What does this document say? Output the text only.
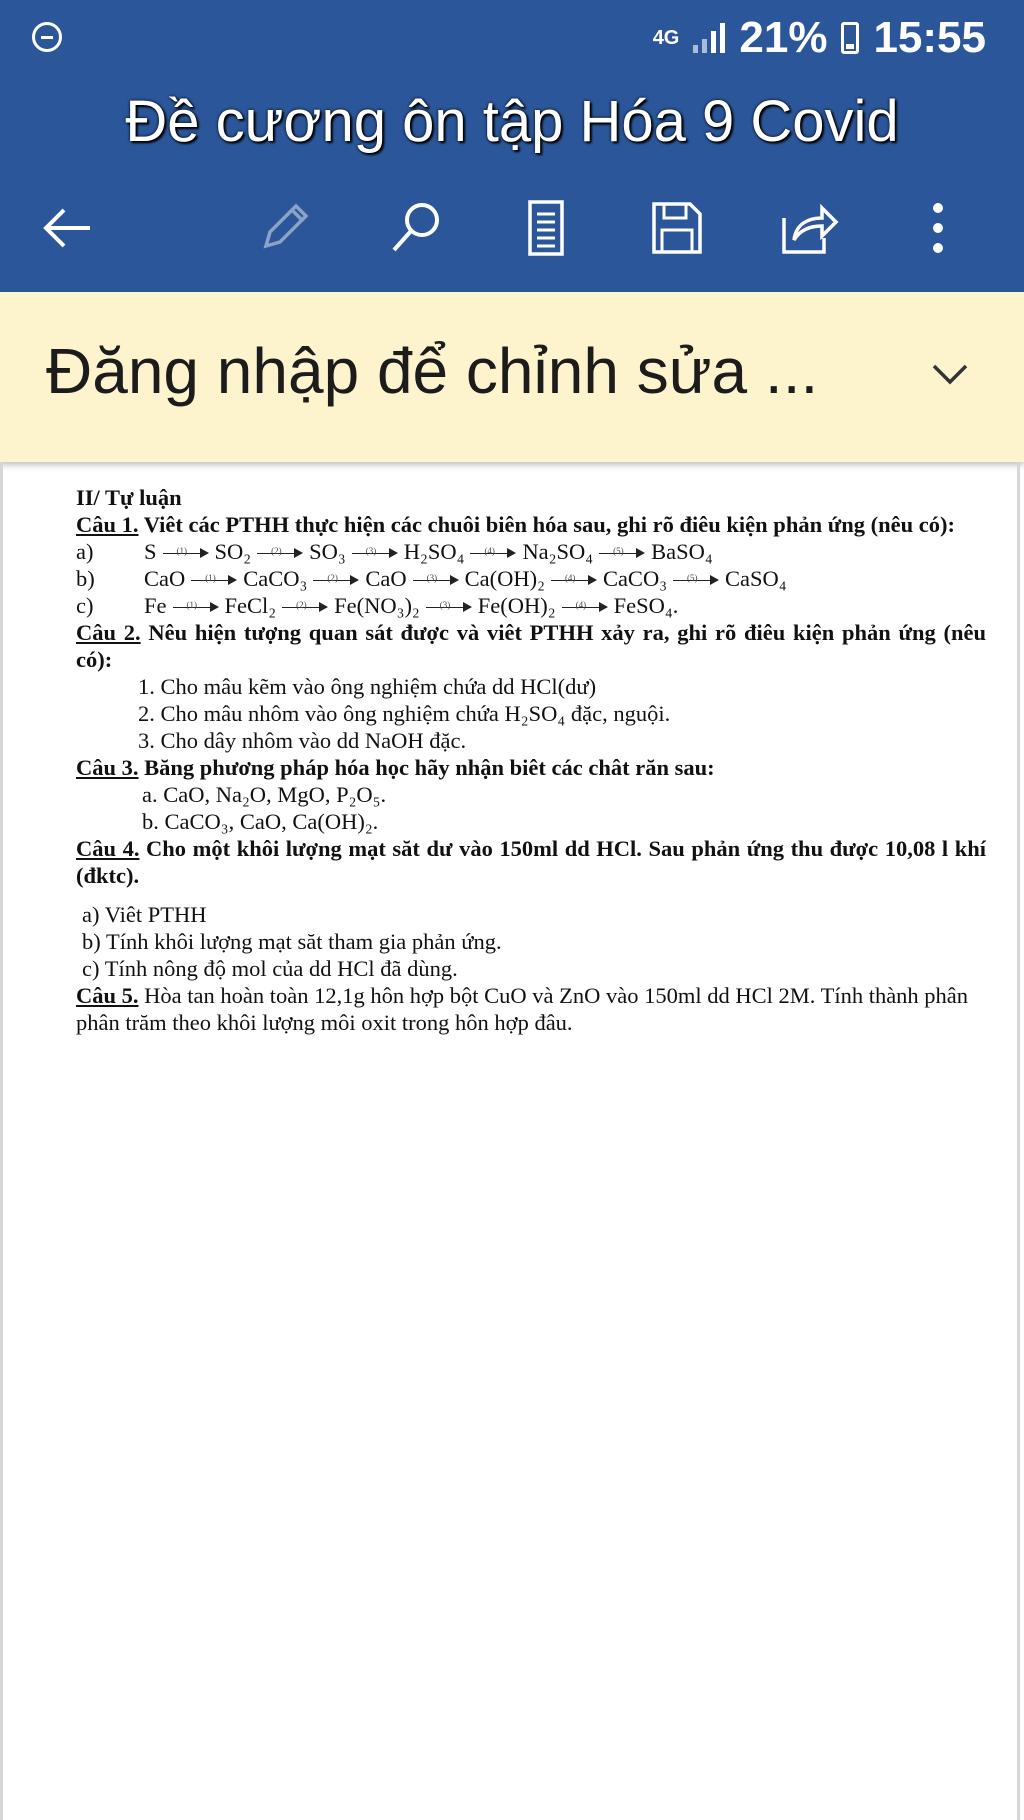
4G 21% 15:55
Đề cương ôn tập Hóa 9 Covid
Đăng nhập để chỉnh sửa ...

II/ Tự luận

Câu 1. Viêt các PTHH thực hiện các chuôi biên hóa sau, ghi rõ điêu kiện phản ứng (nêu có):

a)	S (1) SO₂ (2) SO₃ (3) H₂SO₄ (4) Na₂SO₄ (5) BaSO₄
b)	CaO (1) CaCO₃ (2) CaO (3) Ca(OH)₂ (4) CaCO₃ (5) CaSO₄
c)	Fe (1) FeCl₂ (2) Fe(NO₃)₂ (3) Fe(OH)₂ (4) FeSO₄.

Câu 2. Nêu hiện tượng quan sát được và viêt PTHH xảy ra, ghi rõ điêu kiện phản ứng (nêu có):

1. Cho mâu kẽm vào ông nghiệm chứa dd HCl(dư)

2. Cho mâu nhôm vào ông nghiệm chứa H₂SO₄ đặc, nguội.

3. Cho dây nhôm vào dd NaOH đặc.

Câu 3. Băng phương pháp hóa học hãy nhận biêt các chât răn sau:

a. CaO, Na₂O, MgO, P₂O₅.

b. CaCO₃, CaO, Ca(OH)₂.

Câu 4. Cho một khôi lượng mạt săt dư vào 150ml dd HCl. Sau phản ứng thu được 10,08 l khí (đktc).

a) Viêt PTHH

b) Tính khôi lượng mạt săt tham gia phản ứng.

c) Tính nông độ mol của dd HCl đã dùng.

Câu 5. Hòa tan hoàn toàn 12,1g hôn hợp bột CuO và ZnO vào 150ml dd HCl 2M. Tính thành phân phân trăm theo khôi lượng môi oxit trong hôn hợp đâu.
